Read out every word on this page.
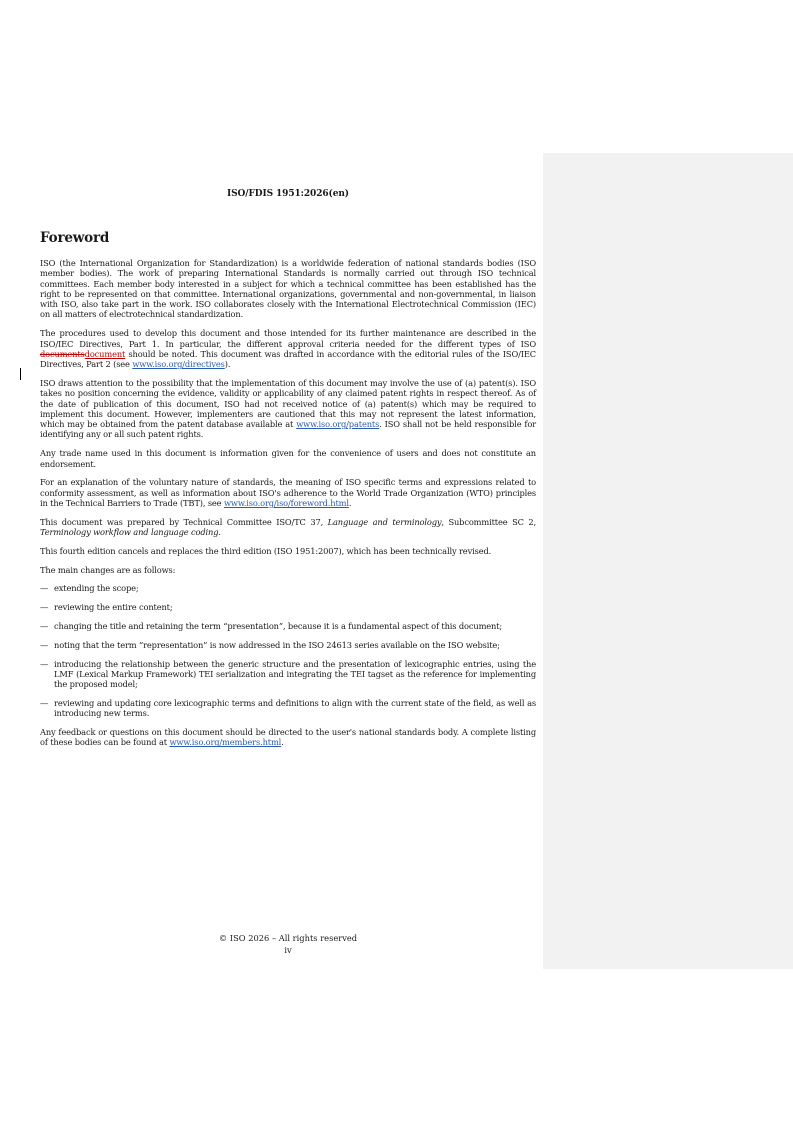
ISO/FDIS 1951:2026(en)
Foreword

ISO (the International Organization for Standardization) is a worldwide federation of national standards bodies (ISO member bodies). The work of preparing International Standards is normally carried out through ISO technical committees. Each member body interested in a subject for which a technical committee has been established has the right to be represented on that committee. International organizations, governmental and non-governmental, in liaison with ISO, also take part in the work. ISO collaborates closely with the International Electrotechnical Commission (IEC) on all matters of electrotechnical standardization.

The procedures used to develop this document and those intended for its further maintenance are described in the ISO/IEC Directives, Part 1. In particular, the different approval criteria needed for the different types of ISO documentsdocument should be noted. This document was drafted in accordance with the editorial rules of the ISO/IEC Directives, Part 2 (see www.iso.org/directives).

ISO draws attention to the possibility that the implementation of this document may involve the use of (a) patent(s). ISO takes no position concerning the evidence, validity or applicability of any claimed patent rights in respect thereof. As of the date of publication of this document, ISO had not received notice of (a) patent(s) which may be required to implement this document. However, implementers are cautioned that this may not represent the latest information, which may be obtained from the patent database available at www.iso.org/patents. ISO shall not be held responsible for identifying any or all such patent rights.

Any trade name used in this document is information given for the convenience of users and does not constitute an endorsement.

For an explanation of the voluntary nature of standards, the meaning of ISO specific terms and expressions related to conformity assessment, as well as information about ISO's adherence to the World Trade Organization (WTO) principles in the Technical Barriers to Trade (TBT), see www.iso.org/iso/foreword.html.

This document was prepared by Technical Committee ISO/TC 37, Language and terminology, Subcommittee SC 2, Terminology workflow and language coding.

This fourth edition cancels and replaces the third edition (ISO 1951:2007), which has been technically revised.

The main changes are as follows:

— extending the scope;
— reviewing the entire content;
— changing the title and retaining the term “presentation”, because it is a fundamental aspect of this document;
— noting that the term “representation” is now addressed in the ISO 24613 series available on the ISO website;
— introducing the relationship between the generic structure and the presentation of lexicographic entries, using the LMF (Lexical Markup Framework) TEI serialization and integrating the TEI tagset as the reference for implementing the proposed model;
— reviewing and updating core lexicographic terms and definitions to align with the current state of the field, as well as introducing new terms.

Any feedback or questions on this document should be directed to the user's national standards body. A complete listing of these bodies can be found at www.iso.org/members.html.

© ISO 2026 – All rights reserved
iv
